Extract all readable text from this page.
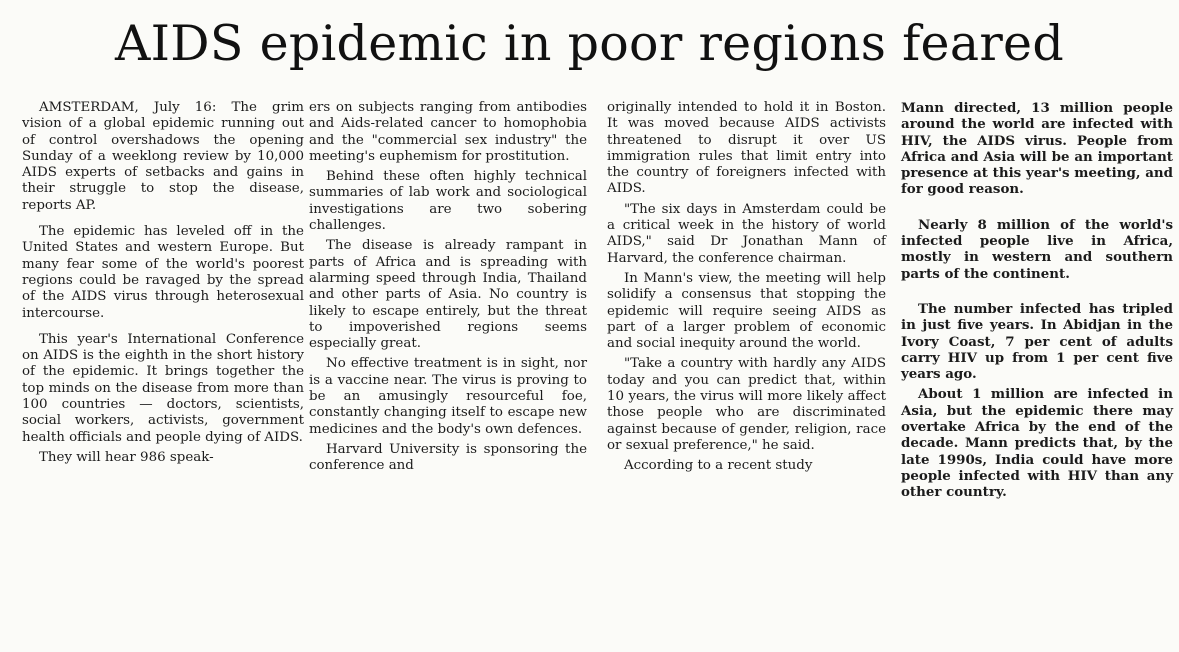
AIDS epidemic in poor regions feared

AMSTERDAM, July 16: The grim vision of a global epidemic running out of control overshadows the opening Sunday of a weeklong review by 10,000 AIDS experts of setbacks and gains in their struggle to stop the disease, reports AP.

The epidemic has leveled off in the United States and western Europe. But many fear some of the world's poorest regions could be ravaged by the spread of the AIDS virus through heterosexual intercourse.

This year's International Conference on AIDS is the eighth in the short history of the epidemic. It brings together the top minds on the disease from more than 100 countries — doctors, scientists, social workers, activists, government health officials and people dying of AIDS.

They will hear 986 speak-

ers on subjects ranging from antibodies and Aids-related cancer to homophobia and the "commercial sex industry" the meeting's euphemism for prostitution.

Behind these often highly technical summaries of lab work and sociological investigations are two sobering challenges.

The disease is already rampant in parts of Africa and is spreading with alarming speed through India, Thailand and other parts of Asia. No country is likely to escape entirely, but the threat to impoverished regions seems especially great.

No effective treatment is in sight, nor is a vaccine near. The virus is proving to be an amusingly resourceful foe, constantly changing itself to escape new medicines and the body's own defences.

Harvard University is sponsoring the conference and

originally intended to hold it in Boston. It was moved because AIDS activists threatened to disrupt it over US immigration rules that limit entry into the country of foreigners infected with AIDS.

"The six days in Amsterdam could be a critical week in the history of world AIDS," said Dr Jonathan Mann of Harvard, the conference chairman.

In Mann's view, the meeting will help solidify a consensus that stopping the epidemic will require seeing AIDS as part of a larger problem of economic and social inequity around the world.

"Take a country with hardly any AIDS today and you can predict that, within 10 years, the virus will more likely affect those people who are discriminated against because of gender, religion, race or sexual preference," he said.

According to a recent study

Mann directed, 13 million people around the world are infected with HIV, the AIDS virus. People from Africa and Asia will be an important presence at this year's meeting, and for good reason.

Nearly 8 million of the world's infected people live in Africa, mostly in western and southern parts of the continent.

The number infected has tripled in just five years. In Abidjan in the Ivory Coast, 7 per cent of adults carry HIV up from 1 per cent five years ago.

About 1 million are infected in Asia, but the epidemic there may overtake Africa by the end of the decade. Mann predicts that, by the late 1990s, India could have more people infected with HIV than any other country.
